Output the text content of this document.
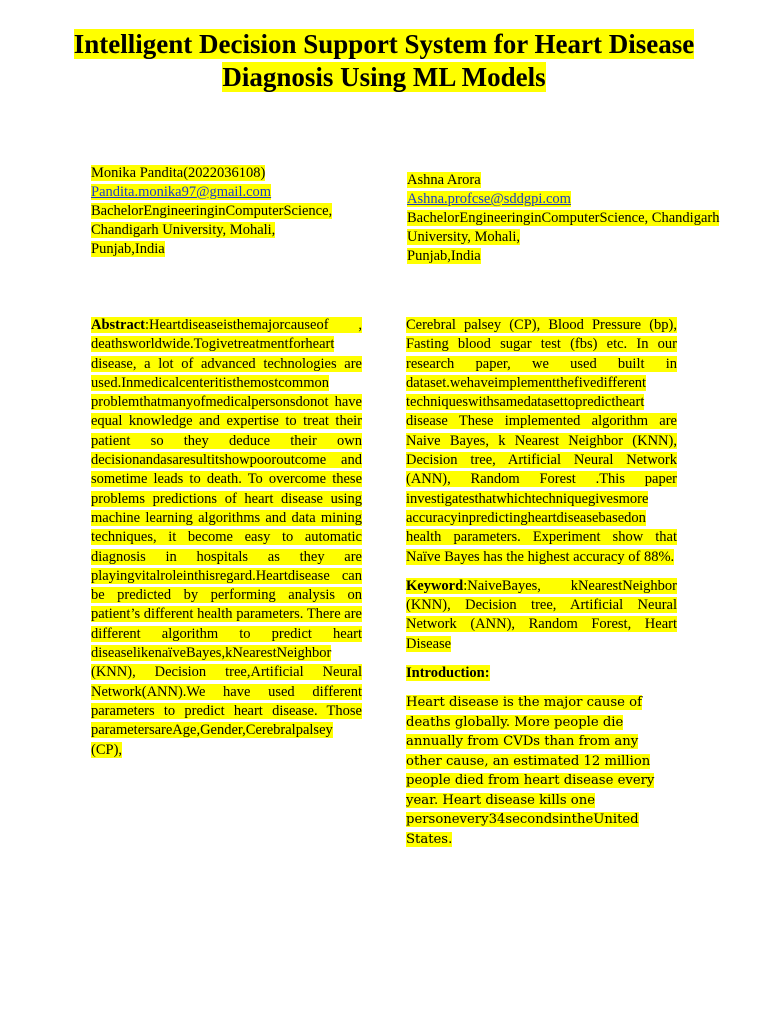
Intelligent Decision Support System for Heart Disease
Diagnosis Using ML Models
Monika Pandita(2022036108)
Pandita.monika97@gmail.com
BachelorEngineeringinComputerScience,
Chandigarh University, Mohali,
Punjab,India
Ashna Arora
Ashna.profcse@sddgpi.com
BachelorEngineeringinComputerScience, Chandigarh
University, Mohali,
Punjab,India

Abstract:Heartdiseaseisthemajorcauseof , deathsworldwide.Togivetreatmentforheart disease, a lot of advanced technologies are used.Inmedicalcenteritisthemostcommon problemthatmanyofmedicalpersonsdonot have equal knowledge and expertise to treat their patient so they deduce their own decisionandasaresultitshowpooroutcome and sometime leads to death. To overcome these problems predictions of heart disease using machine learning algorithms and data mining techniques, it become easy to automatic diagnosis in hospitals as they are playingvitalroleinthisregard.Heartdisease can be predicted by performing analysis on patient’s different health parameters. There are different algorithm to predict heart diseaselikenaïveBayes,kNearestNeighbor (KNN), Decision tree,Artificial Neural Network(ANN).We have used different parameters to predict heart disease. Those parametersareAge,Gender,Cerebralpalsey (CP),

Cerebral palsey (CP), Blood Pressure (bp), Fasting blood sugar test (fbs) etc. In our research paper, we used built in dataset.wehaveimplementthefivedifferent techniqueswithsamedatasettopredictheart disease These implemented algorithm are Naive Bayes, k Nearest Neighbor (KNN), Decision tree, Artificial Neural Network (ANN), Random Forest .This paper investigatesthatwhichtechniquegivesmore accuracyinpredictingheartdiseasebasedon health parameters. Experiment show that Naïve Bayes has the highest accuracy of 88%.

Keyword:NaiveBayes, kNearestNeighbor (KNN), Decision tree, Artificial Neural Network (ANN), Random Forest, Heart Disease

Introduction:

Heart disease is the major cause of deaths globally. More people die annually from CVDs than from any other cause, an estimated 12 million people died from heart disease every year. Heart disease kills one personevery34secondsintheUnited States.
